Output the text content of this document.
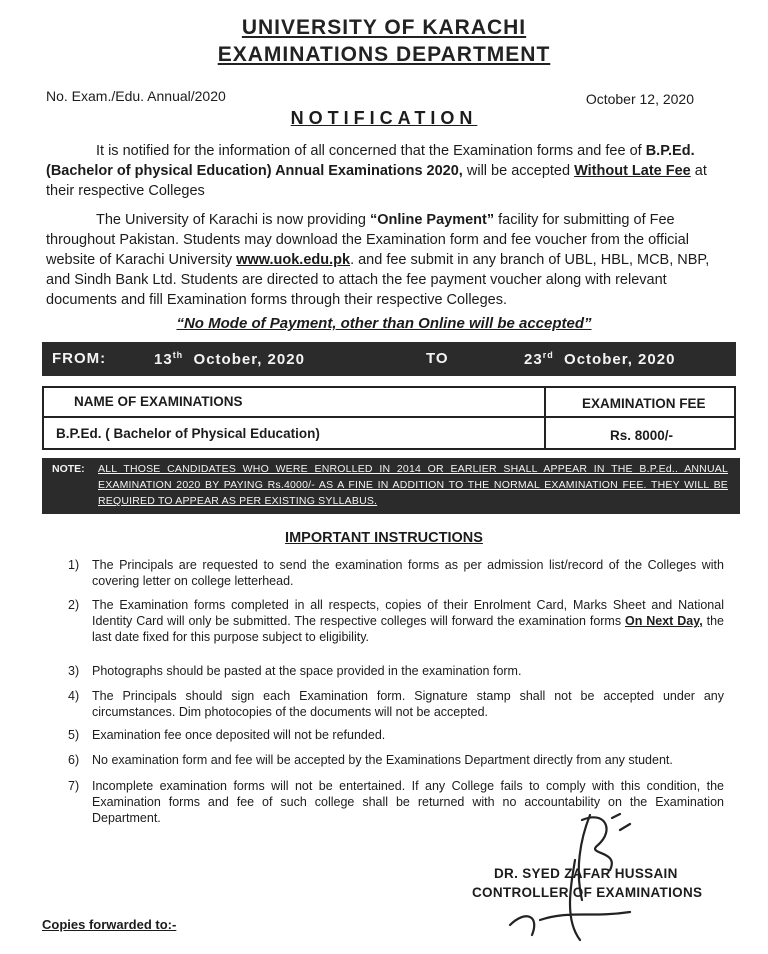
UNIVERSITY OF KARACHI
EXAMINATIONS DEPARTMENT
No. Exam./Edu. Annual/2020	October 12, 2020
NOTIFICATION
It is notified for the information of all concerned that the Examination forms and fee of B.P.Ed. (Bachelor of physical Education) Annual Examinations 2020, will be accepted Without Late Fee at their respective Colleges
The University of Karachi is now providing “Online Payment” facility for submitting of Fee throughout Pakistan. Students may download the Examination form and fee voucher from the official website of Karachi University www.uok.edu.pk. and fee submit in any branch of UBL, HBL, MCB, NBP, and Sindh Bank Ltd. Students are directed to attach the fee payment voucher along with relevant documents and fill Examination forms through their respective Colleges.
“No Mode of Payment, other than Online will be accepted”
FROM:	13th October, 2020	TO	23rd October, 2020
NAME OF EXAMINATIONS	EXAMINATION FEE
B.P.Ed. ( Bachelor of Physical Education)	Rs. 8000/-
NOTE: ALL THOSE CANDIDATES WHO WERE ENROLLED IN 2014 OR EARLIER SHALL APPEAR IN THE B.P.Ed.. ANNUAL EXAMINATION 2020 BY PAYING Rs.4000/- AS A FINE IN ADDITION TO THE NORMAL EXAMINATION FEE. THEY WILL BE REQUIRED TO APPEAR AS PER EXISTING SYLLABUS.
IMPORTANT INSTRUCTIONS
1) The Principals are requested to send the examination forms as per admission list/record of the Colleges with covering letter on college letterhead.
2) The Examination forms completed in all respects, copies of their Enrolment Card, Marks Sheet and National Identity Card will only be submitted. The respective colleges will forward the examination forms On Next Day, the last date fixed for this purpose subject to eligibility.
3) Photographs should be pasted at the space provided in the examination form.
4) The Principals should sign each Examination form. Signature stamp shall not be accepted under any circumstances. Dim photocopies of the documents will not be accepted.
5) Examination fee once deposited will not be refunded.
6) No examination form and fee will be accepted by the Examinations Department directly from any student.
7) Incomplete examination forms will not be entertained. If any College fails to comply with this condition, the Examination forms and fee of such college shall be returned with no accountability on the Examination Department.
DR. SYED ZAFAR HUSSAIN
CONTROLLER OF EXAMINATIONS
Copies forwarded to:-
